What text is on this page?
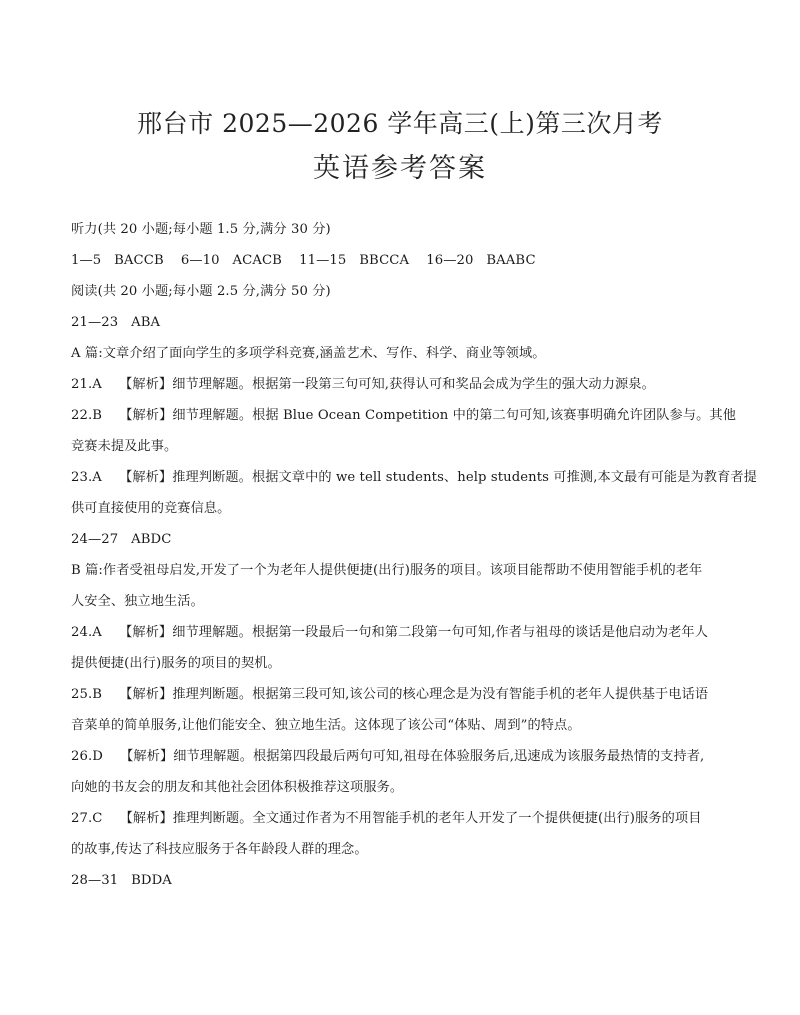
邢台市 2025—2026 学年高三(上)第三次月考
英语参考答案
听力(共 20 小题;每小题 1.5 分,满分 30 分)
1—5   BACCB    6—10   ACACB    11—15   BBCCA    16—20   BAABC
阅读(共 20 小题;每小题 2.5 分,满分 50 分)
21—23   ABA
A 篇:文章介绍了面向学生的多项学科竞赛,涵盖艺术、写作、科学、商业等领域。
21.A    【解析】细节理解题。根据第一段第三句可知,获得认可和奖品会成为学生的强大动力源泉。
22.B    【解析】细节理解题。根据 Blue Ocean Competition 中的第二句可知,该赛事明确允许团队参与。其他
竞赛未提及此事。
23.A    【解析】推理判断题。根据文章中的 we tell students、help students 可推测,本文最有可能是为教育者提
供可直接使用的竞赛信息。
24—27   ABDC
B 篇:作者受祖母启发,开发了一个为老年人提供便捷(出行)服务的项目。该项目能帮助不使用智能手机的老年
人安全、独立地生活。
24.A    【解析】细节理解题。根据第一段最后一句和第二段第一句可知,作者与祖母的谈话是他启动为老年人
提供便捷(出行)服务的项目的契机。
25.B    【解析】推理判断题。根据第三段可知,该公司的核心理念是为没有智能手机的老年人提供基于电话语
音菜单的简单服务,让他们能安全、独立地生活。这体现了该公司“体贴、周到”的特点。
26.D    【解析】细节理解题。根据第四段最后两句可知,祖母在体验服务后,迅速成为该服务最热情的支持者,
向她的书友会的朋友和其他社会团体积极推荐这项服务。
27.C    【解析】推理判断题。全文通过作者为不用智能手机的老年人开发了一个提供便捷(出行)服务的项目
的故事,传达了科技应服务于各年龄段人群的理念。
28—31   BDDA
